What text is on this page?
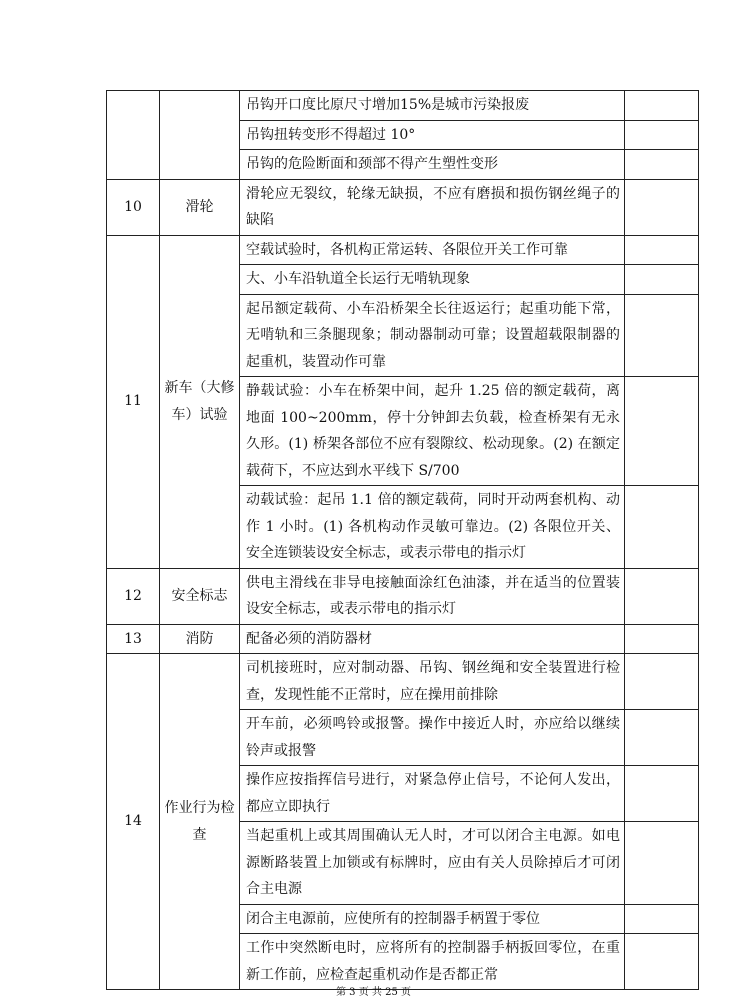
		吊钩开口度比原尺寸增加15%是城市污染报废	
		吊钩扭转变形不得超过 10°	
		吊钩的危险断面和颈部不得产生塑性变形	
10	滑轮	滑轮应无裂纹，轮缘无缺损，不应有磨损和损伤钢丝绳子的缺陷	
11	新车（大修车）试验	空载试验时，各机构正常运转、各限位开关工作可靠	
		大、小车沿轨道全长运行无啃轨现象	
		起吊额定载荷、小车沿桥架全长往返运行；起重功能下常，无啃轨和三条腿现象；制动器制动可靠；设置超载限制器的起重机，装置动作可靠	
		静载试验：小车在桥架中间，起升 1.25 倍的额定载荷，离地面 100~200mm，停十分钟卸去负载，检查桥架有无永久形。(1) 桥架各部位不应有裂隙纹、松动现象。(2) 在额定载荷下，不应达到水平线下 S/700	
		动载试验：起吊 1.1 倍的额定载荷，同时开动两套机构、动作 1 小时。(1) 各机构动作灵敏可靠边。(2) 各限位开关、安全连锁装设安全标志，或表示带电的指示灯	
12	安全标志	供电主滑线在非导电接触面涂红色油漆，并在适当的位置装设安全标志，或表示带电的指示灯	
13	消防	配备必须的消防器材	
14	作业行为检查	司机接班时，应对制动器、吊钩、钢丝绳和安全装置进行检查，发现性能不正常时，应在操用前排除	
		开车前，必须鸣铃或报警。操作中接近人时，亦应给以继续铃声或报警	
		操作应按指挥信号进行，对紧急停止信号，不论何人发出，都应立即执行	
		当起重机上或其周围确认无人时，才可以闭合主电源。如电源断路装置上加锁或有标牌时，应由有关人员除掉后才可闭合主电源	
		闭合主电源前，应使所有的控制器手柄置于零位	
		工作中突然断电时，应将所有的控制器手柄扳回零位，在重新工作前，应检查起重机动作是否都正常	
第 3 页 共 25 页
